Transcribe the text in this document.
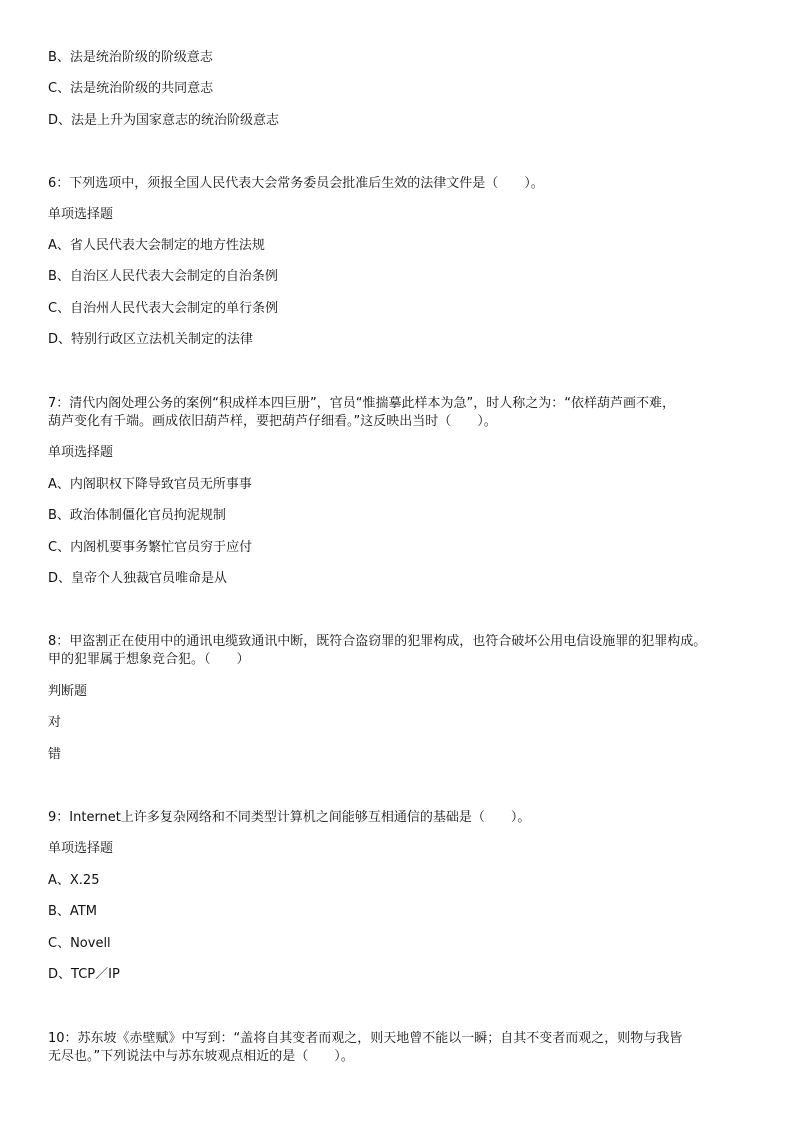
B、法是统治阶级的阶级意志
C、法是统治阶级的共同意志
D、法是上升为国家意志的统治阶级意志
6：下列选项中，须报全国人民代表大会常务委员会批准后生效的法律文件是（　　）。
单项选择题
A、省人民代表大会制定的地方性法规
B、自治区人民代表大会制定的自治条例
C、自治州人民代表大会制定的单行条例
D、特别行政区立法机关制定的法律
7：清代内阁处理公务的案例“积成样本四巨册”，官员“惟揣摹此样本为急”，时人称之为：“依样葫芦画不难，
葫芦变化有千端。画成依旧葫芦样，要把葫芦仔细看。”这反映出当时（　　）。
单项选择题
A、内阁职权下降导致官员无所事事
B、政治体制僵化官员拘泥规制
C、内阁机要事务繁忙官员穷于应付
D、皇帝个人独裁官员唯命是从
8：甲盗割正在使用中的通讯电缆致通讯中断，既符合盗窃罪的犯罪构成，也符合破坏公用电信设施罪的犯罪构成。
甲的犯罪属于想象竞合犯。（　　）
判断题
对
错
9：Internet上许多复杂网络和不同类型计算机之间能够互相通信的基础是（　　）。
单项选择题
A、X.25
B、ATM
C、Novell
D、TCP／IP
10：苏东坡《赤壁赋》中写到：“盖将自其变者而观之，则天地曾不能以一瞬；自其不变者而观之，则物与我皆
无尽也。”下列说法中与苏东坡观点相近的是（　　）。
